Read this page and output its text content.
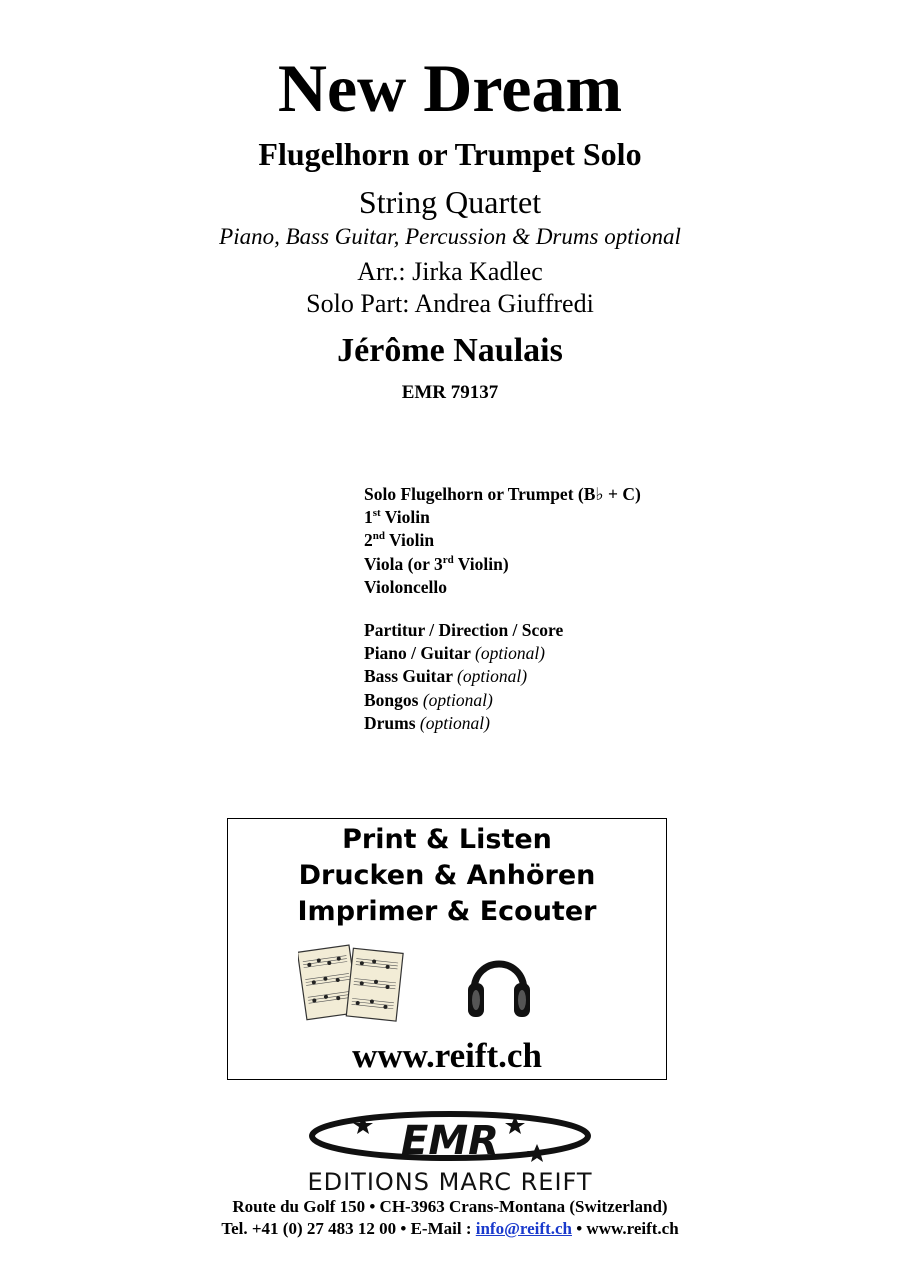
New Dream
Flugelhorn or Trumpet Solo
String Quartet
Piano, Bass Guitar, Percussion & Drums optional
Arr.: Jirka Kadlec
Solo Part: Andrea Giuffredi
Jérôme Naulais
EMR 79137
Solo Flugelhorn or Trumpet (B♭ + C)
1st Violin
2nd Violin
Viola (or 3rd Violin)
Violoncello
Partitur / Direction / Score
Piano / Guitar (optional)
Bass Guitar (optional)
Bongos (optional)
Drums (optional)
Print & Listen
Drucken & Anhören
Imprimer & Ecouter
www.reift.ch
EMR
EDITIONS MARC REIFT
Route du Golf 150 • CH-3963 Crans-Montana (Switzerland)
Tel. +41 (0) 27 483 12 00 • E-Mail : info@reift.ch • www.reift.ch
